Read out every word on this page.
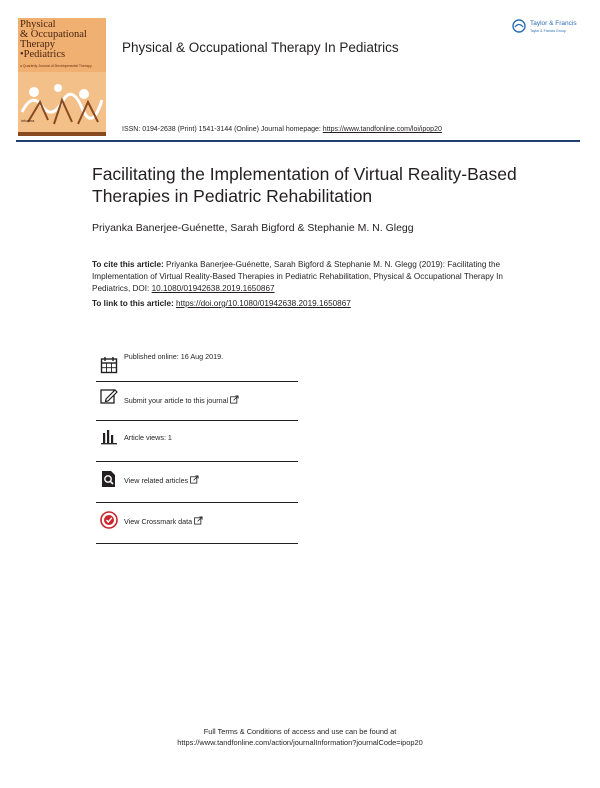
Physical
& Occupational
Therapy
•Pediatrics
a Quarterly Journal of Developmental Therapy
informa
Physical & Occupational Therapy In Pediatrics
Taylor & Francis
Taylor & Francis Group
ISSN: 0194-2638 (Print) 1541-3144 (Online) Journal homepage: https://www.tandfonline.com/loi/ipop20
Facilitating the Implementation of Virtual Reality-Based Therapies in Pediatric Rehabilitation
Priyanka Banerjee-Guénette, Sarah Bigford & Stephanie M. N. Glegg
To cite this article: Priyanka Banerjee-Guénette, Sarah Bigford & Stephanie M. N. Glegg (2019): Facilitating the Implementation of Virtual Reality-Based Therapies in Pediatric Rehabilitation, Physical & Occupational Therapy In Pediatrics, DOI: 10.1080/01942638.2019.1650867
To link to this article: https://doi.org/10.1080/01942638.2019.1650867
Published online: 16 Aug 2019.
Submit your article to this journal
Article views: 1
View related articles
View Crossmark data
Full Terms & Conditions of access and use can be found at
https://www.tandfonline.com/action/journalInformation?journalCode=ipop20
